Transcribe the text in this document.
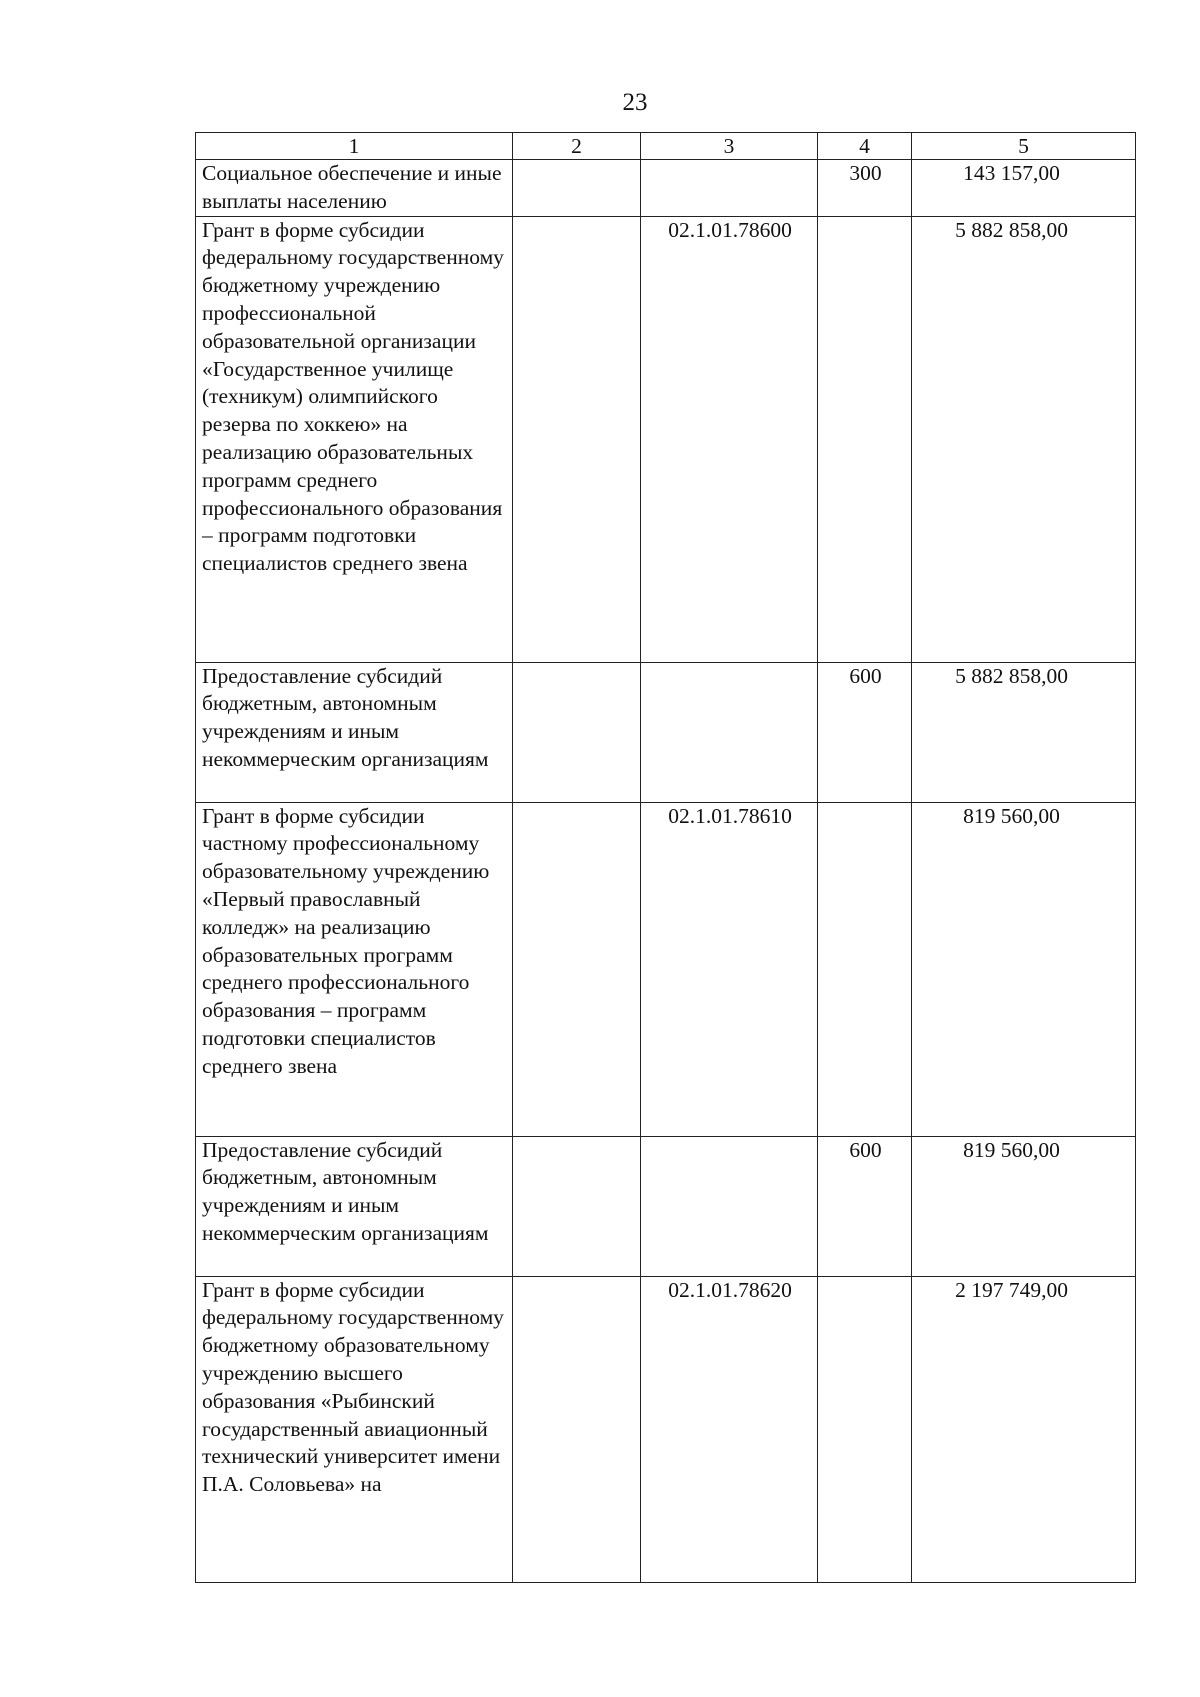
23
1	2	3	4	5
Социальное обеспечение и иные выплаты населению			300	143 157,00
Грант в форме субсидии федеральному государственному бюджетному учреждению профессиональной образовательной организации «Государственное училище (техникум) олимпийского резерва по хоккею» на реализацию образовательных программ среднего профессионального образования – программ подготовки специалистов среднего звена		02.1.01.78600		5 882 858,00
Предоставление субсидий бюджетным, автономным учреждениям и иным некоммерческим организациям			600	5 882 858,00
Грант в форме субсидии частному профессиональному образовательному учреждению «Первый православный колледж» на реализацию образовательных программ среднего профессионального образования – программ подготовки специалистов среднего звена		02.1.01.78610		819 560,00
Предоставление субсидий бюджетным, автономным учреждениям и иным некоммерческим организациям			600	819 560,00
Грант в форме субсидии федеральному государственному бюджетному образовательному учреждению высшего образования «Рыбинский государственный авиационный технический университет имени П.А. Соловьева» на		02.1.01.78620		2 197 749,00
